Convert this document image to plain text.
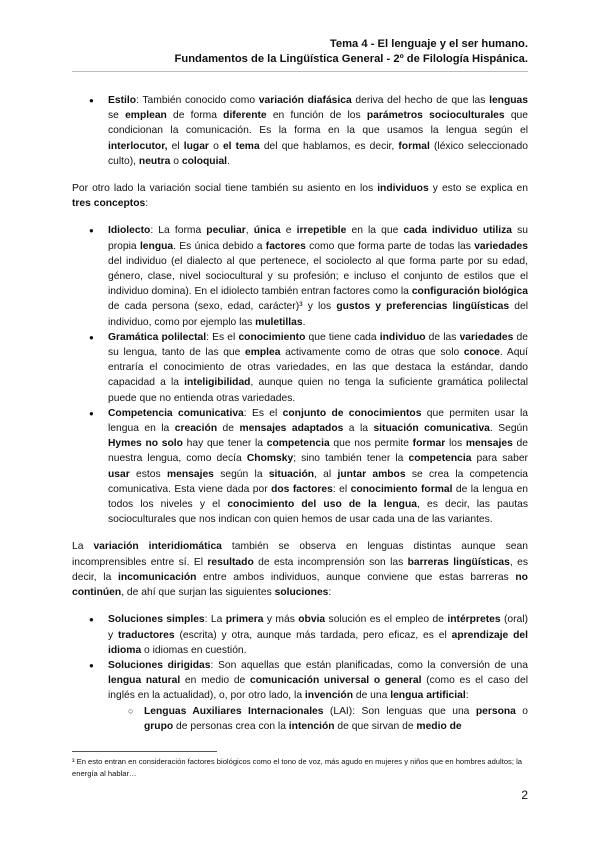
Tema 4 - El lenguaje y el ser humano.
Fundamentos de la Lingüística General - 2º de Filología Hispánica.
● Estilo: También conocido como variación diafásica deriva del hecho de que las lenguas se emplean de forma diferente en función de los parámetros socioculturales que condicionan la comunicación. Es la forma en la que usamos la lengua según el interlocutor, el lugar o el tema del que hablamos, es decir, formal (léxico seleccionado culto), neutra o coloquial.

Por otro lado la variación social tiene también su asiento en los individuos y esto se explica en tres conceptos:

● Idiolecto: La forma peculiar, única e irrepetible en la que cada individuo utiliza su propia lengua. Es única debido a factores como que forma parte de todas las variedades del individuo (el dialecto al que pertenece, el sociolecto al que forma parte por su edad, género, clase, nivel sociocultural y su profesión; e incluso el conjunto de estilos que el individuo domina). En el idiolecto también entran factores como la configuración biológica de cada persona (sexo, edad, carácter)³ y los gustos y preferencias lingüísticas del individuo, como por ejemplo las muletillas.
● Gramática polilectal: Es el conocimiento que tiene cada individuo de las variedades de su lengua, tanto de las que emplea activamente como de otras que solo conoce. Aquí entraría el conocimiento de otras variedades, en las que destaca la estándar, dando capacidad a la inteligibilidad, aunque quien no tenga la suficiente gramática polilectal puede que no entienda otras variedades.
● Competencia comunicativa: Es el conjunto de conocimientos que permiten usar la lengua en la creación de mensajes adaptados a la situación comunicativa. Según Hymes no solo hay que tener la competencia que nos permite formar los mensajes de nuestra lengua, como decía Chomsky; sino también tener la competencia para saber usar estos mensajes según la situación, al juntar ambos se crea la competencia comunicativa. Esta viene dada por dos factores: el conocimiento formal de la lengua en todos los niveles y el conocimiento del uso de la lengua, es decir, las pautas socioculturales que nos indican con quien hemos de usar cada una de las variantes.

La variación interidiomática también se observa en lenguas distintas aunque sean incomprensibles entre sí. El resultado de esta incomprensión son las barreras lingüísticas, es decir, la incomunicación entre ambos individuos, aunque conviene que estas barreras no continúen, de ahí que surjan las siguientes soluciones:

● Soluciones simples: La primera y más obvia solución es el empleo de intérpretes (oral) y traductores (escrita) y otra, aunque más tardada, pero eficaz, es el aprendizaje del idioma o idiomas en cuestión.
● Soluciones dirigidas: Son aquellas que están planificadas, como la conversión de una lengua natural en medio de comunicación universal o general (como es el caso del inglés en la actualidad), o, por otro lado, la invención de una lengua artificial:
○ Lenguas Auxiliares Internacionales (LAI): Son lenguas que una persona o grupo de personas crea con la intención de que sirvan de medio de
³ En esto entran en consideración factores biológicos como el tono de voz, más agudo en mujeres y niños que en hombres adultos; la energía al hablar…
2
